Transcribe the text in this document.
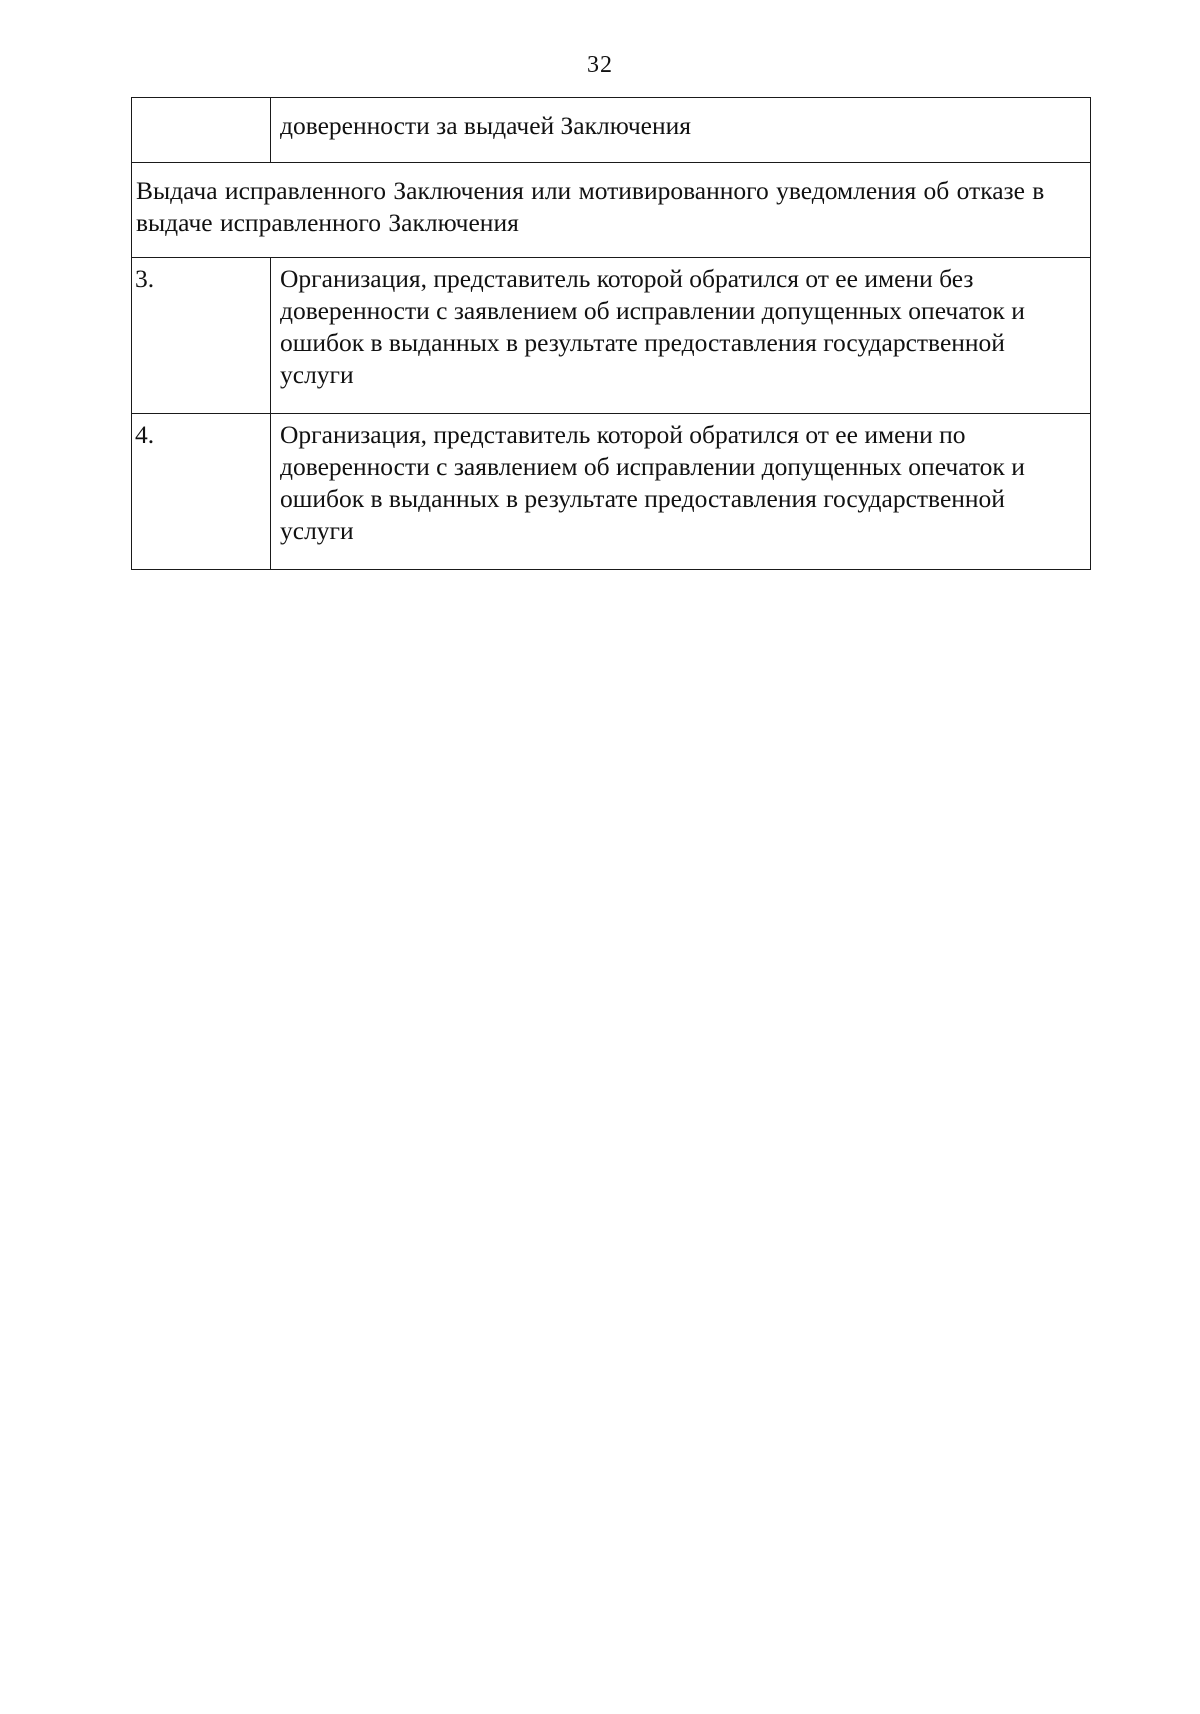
32
	доверенности за выдачей Заключения
Выдача исправленного Заключения или мотивированного уведомления об отказе в выдаче исправленного Заключения	
3.	Организация, представитель которой обратился от ее имени без доверенности с заявлением об исправлении допущенных опечаток и ошибок в выданных в результате предоставления государственной услуги
4.	Организация, представитель которой обратился от ее имени по доверенности с заявлением об исправлении допущенных опечаток и ошибок в выданных в результате предоставления государственной услуги
